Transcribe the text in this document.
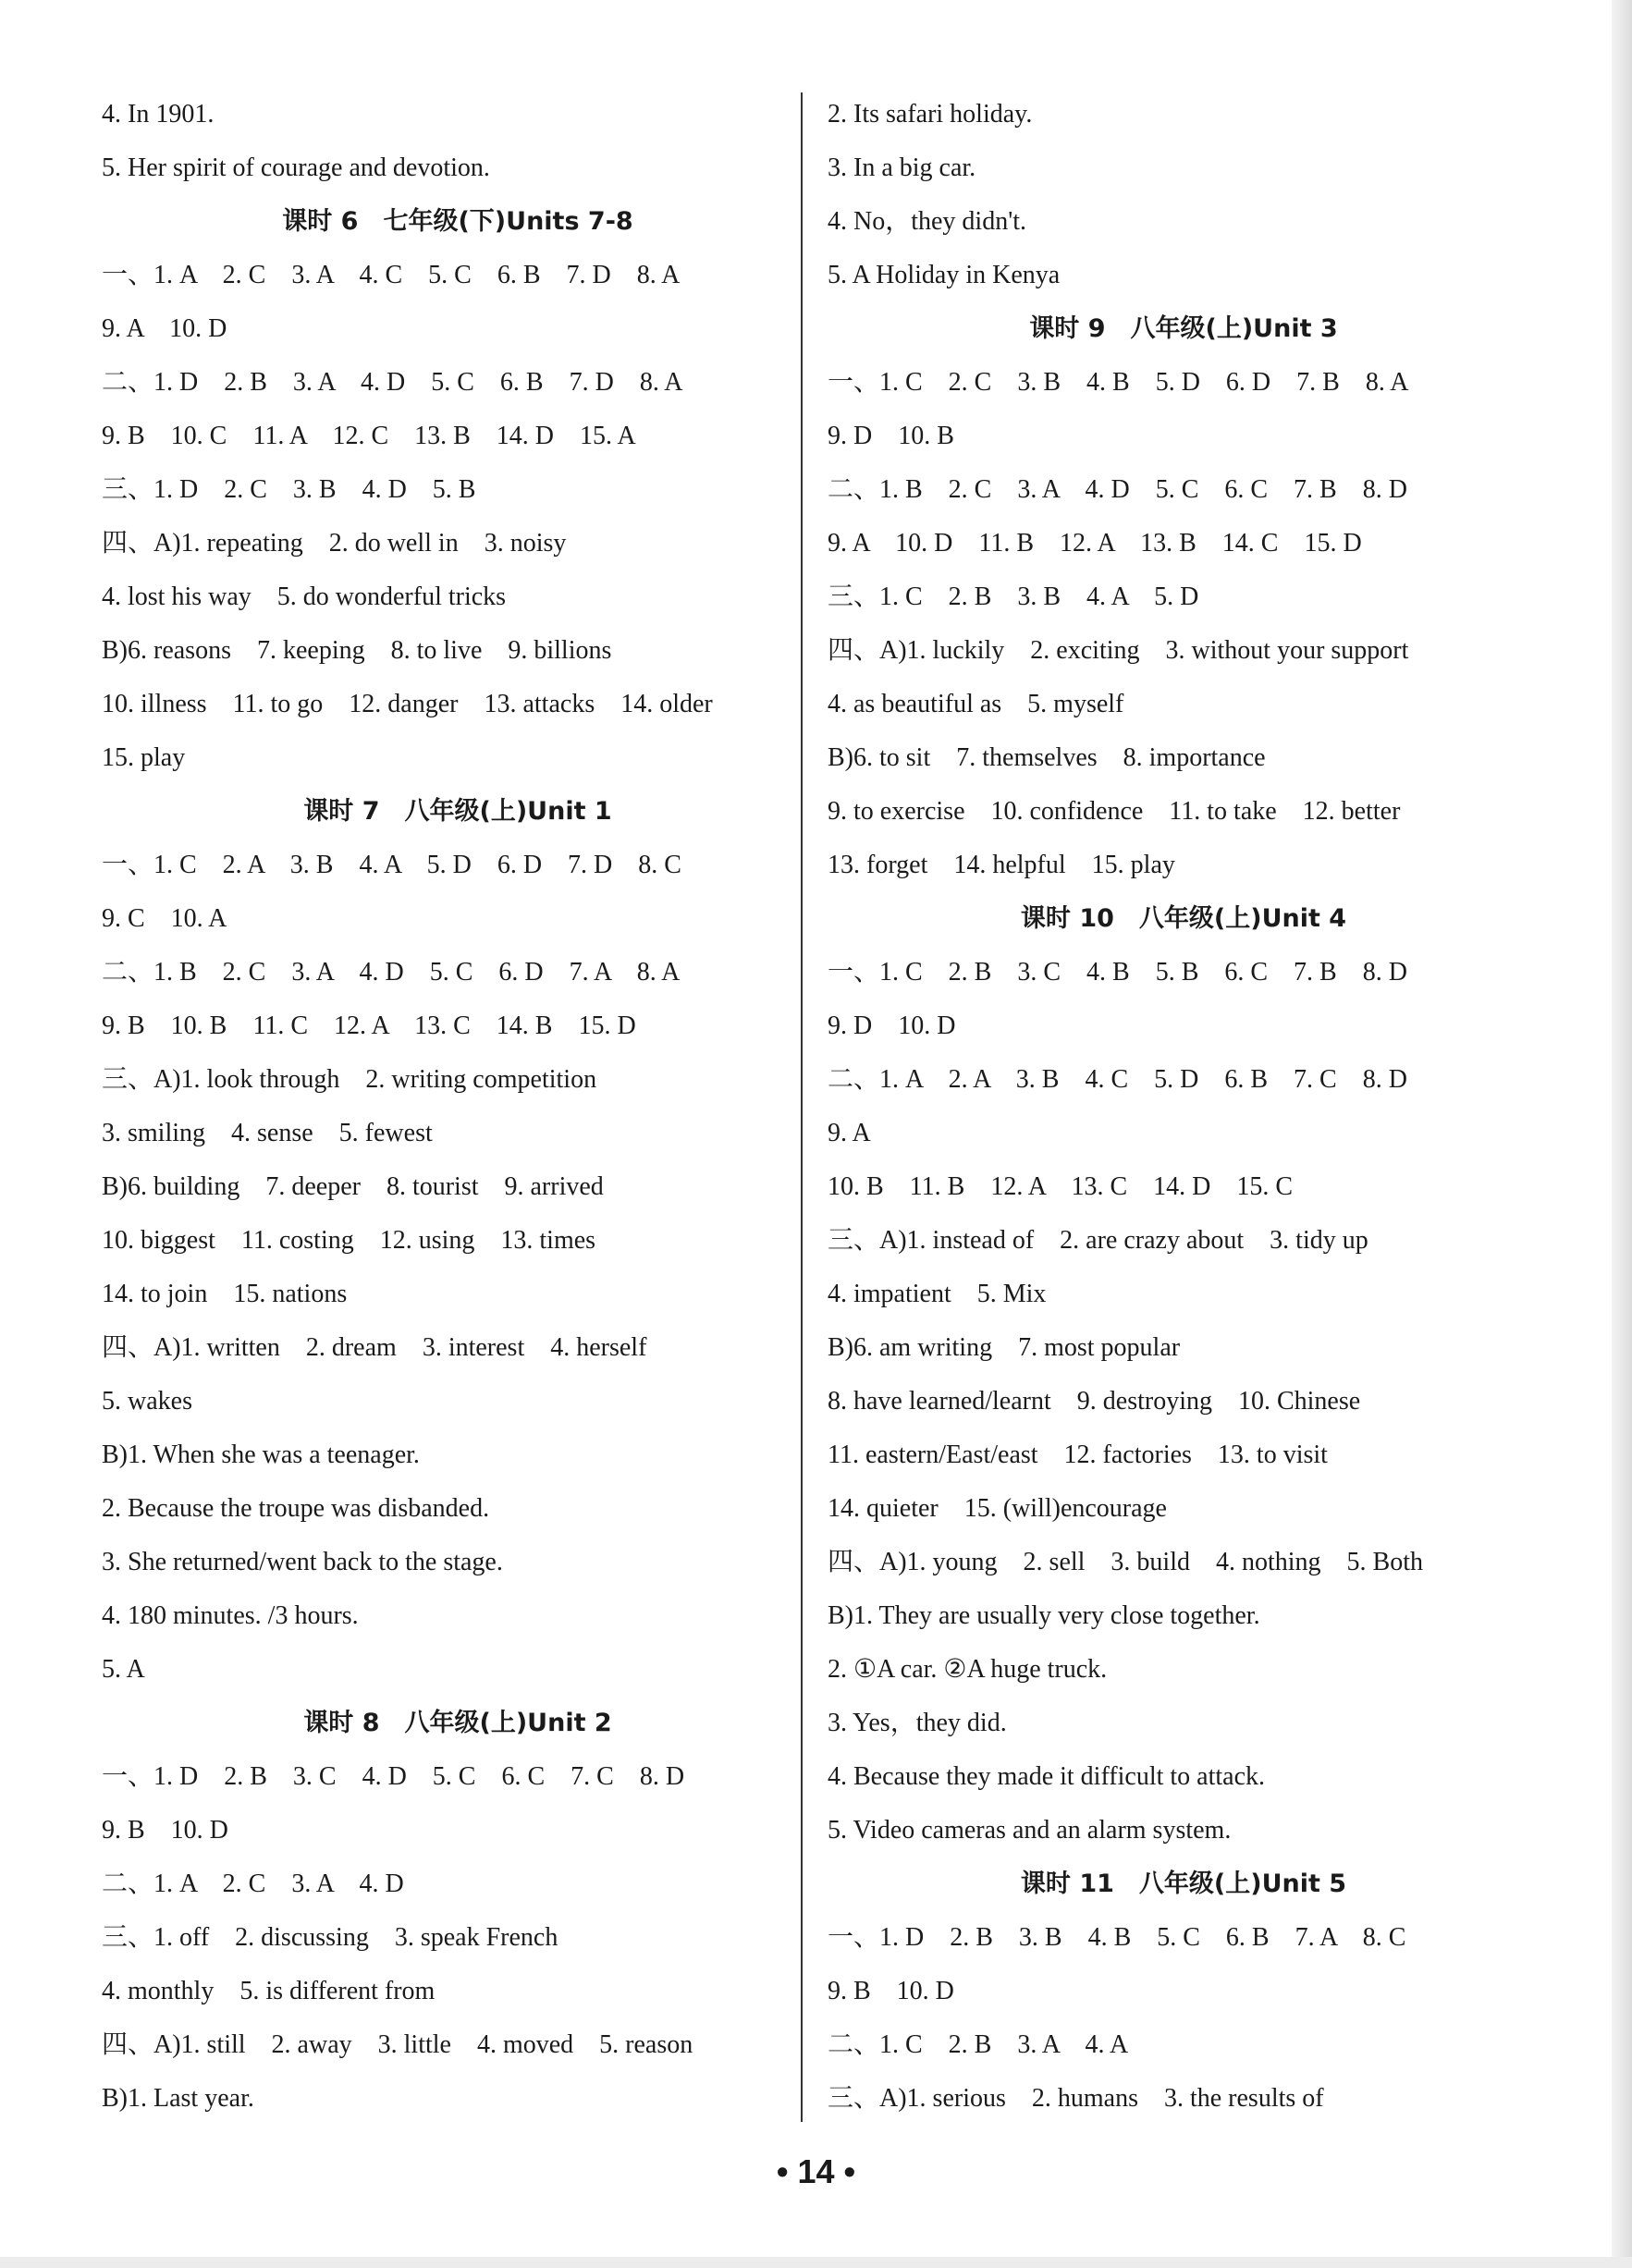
4. In 1901.
5. Her spirit of courage and devotion.
课时 6　七年级(下)Units 7-8
一、1. A　2. C　3. A　4. C　5. C　6. B　7. D　8. A
9. A　10. D
二、1. D　2. B　3. A　4. D　5. C　6. B　7. D　8. A
9. B　10. C　11. A　12. C　13. B　14. D　15. A
三、1. D　2. C　3. B　4. D　5. B
四、A)1. repeating　2. do well in　3. noisy
4. lost his way　5. do wonderful tricks
B)6. reasons　7. keeping　8. to live　9. billions
10. illness　11. to go　12. danger　13. attacks　14. older
15. play
课时 7　八年级(上)Unit 1
一、1. C　2. A　3. B　4. A　5. D　6. D　7. D　8. C
9. C　10. A
二、1. B　2. C　3. A　4. D　5. C　6. D　7. A　8. A
9. B　10. B　11. C　12. A　13. C　14. B　15. D
三、A)1. look through　2. writing competition
3. smiling　4. sense　5. fewest
B)6. building　7. deeper　8. tourist　9. arrived
10. biggest　11. costing　12. using　13. times
14. to join　15. nations
四、A)1. written　2. dream　3. interest　4. herself
5. wakes
B)1. When she was a teenager.
2. Because the troupe was disbanded.
3. She returned/went back to the stage.
4. 180 minutes. /3 hours.
5. A
课时 8　八年级(上)Unit 2
一、1. D　2. B　3. C　4. D　5. C　6. C　7. C　8. D
9. B　10. D
二、1. A　2. C　3. A　4. D
三、1. off　2. discussing　3. speak French
4. monthly　5. is different from
四、A)1. still　2. away　3. little　4. moved　5. reason
B)1. Last year.
2. Its safari holiday.
3. In a big car.
4. No，they didn't.
5. A Holiday in Kenya
课时 9　八年级(上)Unit 3
一、1. C　2. C　3. B　4. B　5. D　6. D　7. B　8. A
9. D　10. B
二、1. B　2. C　3. A　4. D　5. C　6. C　7. B　8. D
9. A　10. D　11. B　12. A　13. B　14. C　15. D
三、1. C　2. B　3. B　4. A　5. D
四、A)1. luckily　2. exciting　3. without your support
4. as beautiful as　5. myself
B)6. to sit　7. themselves　8. importance
9. to exercise　10. confidence　11. to take　12. better
13. forget　14. helpful　15. play
课时 10　八年级(上)Unit 4
一、1. C　2. B　3. C　4. B　5. B　6. C　7. B　8. D
9. D　10. D
二、1. A　2. A　3. B　4. C　5. D　6. B　7. C　8. D
9. A
10. B　11. B　12. A　13. C　14. D　15. C
三、A)1. instead of　2. are crazy about　3. tidy up
4. impatient　5. Mix
B)6. am writing　7. most popular
8. have learned/learnt　9. destroying　10. Chinese
11. eastern/East/east　12. factories　13. to visit
14. quieter　15. (will)encourage
四、A)1. young　2. sell　3. build　4. nothing　5. Both
B)1. They are usually very close together.
2. ①A car. ②A huge truck.
3. Yes，they did.
4. Because they made it difficult to attack.
5. Video cameras and an alarm system.
课时 11　八年级(上)Unit 5
一、1. D　2. B　3. B　4. B　5. C　6. B　7. A　8. C
9. B　10. D
二、1. C　2. B　3. A　4. A
三、A)1. serious　2. humans　3. the results of
• 14 •
